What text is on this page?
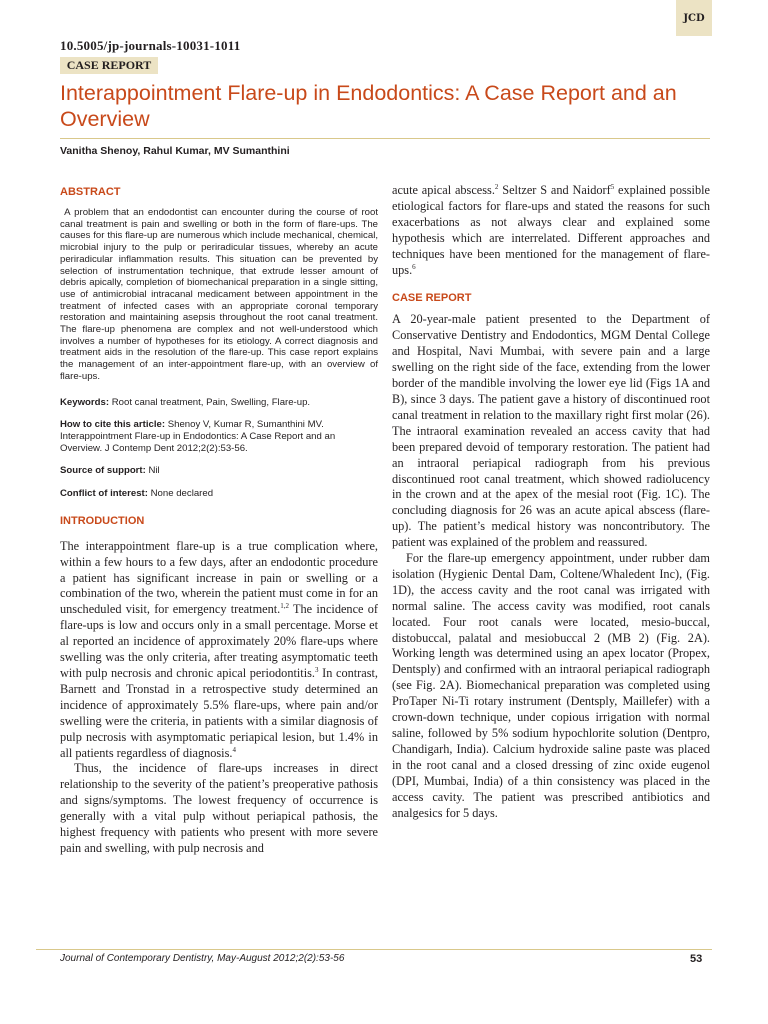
JCD
10.5005/jp-journals-10031-1011
CASE REPORT
Interappointment Flare-up in Endodontics: A Case Report and an Overview
Vanitha Shenoy, Rahul Kumar, MV Sumanthini
ABSTRACT

A problem that an endodontist can encounter during the course of root canal treatment is pain and swelling or both in the form of flare-ups. The causes for this flare-up are numerous which include mechanical, chemical, microbial injury to the pulp or periradicular tissues, whereby an acute periradicular inflammation results. This situation can be prevented by selection of instrumentation technique, that extrude lesser amount of debris apically, completion of biomechanical preparation in a single sitting, use of antimicrobial intracanal medicament between appointment in the treatment of infected cases with an appropriate coronal temporary restoration and maintaining asepsis throughout the root canal treatment. The flare-up phenomena are complex and not well-understood which involves a number of hypotheses for its etiology. A correct diagnosis and treatment aids in the resolution of the flare-up. This case report explains the management of an inter-appointment flare-up, with an overview of flare-ups.

Keywords: Root canal treatment, Pain, Swelling, Flare-up.

How to cite this article: Shenoy V, Kumar R, Sumanthini MV. Interappointment Flare-up in Endodontics: A Case Report and an Overview. J Contemp Dent 2012;2(2):53-56.

Source of support: Nil

Conflict of interest: None declared

INTRODUCTION

The interappointment flare-up is a true complication where, within a few hours to a few days, after an endodontic procedure a patient has significant increase in pain or swelling or a combination of the two, wherein the patient must come in for an unscheduled visit, for emergency treatment.$^{1,2}$ The incidence of flare-ups is low and occurs only in a small percentage. Morse et al reported an incidence of approximately 20% flare-ups where swelling was the only criteria, after treating asymptomatic teeth with pulp necrosis and chronic apical periodontitis.$^3$ In contrast, Barnett and Tronstad in a retrospective study determined an incidence of approximately 5.5% flare-ups, where pain and/or swelling were the criteria, in patients with a similar diagnosis of pulp necrosis with asymptomatic periapical lesion, but 1.4% in all patients regardless of diagnosis.$^4$

Thus, the incidence of flare-ups increases in direct relationship to the severity of the patient’s preoperative pathosis and signs/symptoms. The lowest frequency of occurrence is generally with a vital pulp without periapical pathosis, the highest frequency with patients who present with more severe pain and swelling, with pulp necrosis and

acute apical abscess.$^2$ Seltzer S and Naidorf$^5$ explained possible etiological factors for flare-ups and stated the reasons for such exacerbations as not always clear and explained some hypothesis which are interrelated. Different approaches and techniques have been mentioned for the management of flare-ups.$^6$

CASE REPORT

A 20-year-male patient presented to the Department of Conservative Dentistry and Endodontics, MGM Dental College and Hospital, Navi Mumbai, with severe pain and a large swelling on the right side of the face, extending from the lower border of the mandible involving the lower eye lid (Figs 1A and B), since 3 days. The patient gave a history of discontinued root canal treatment in relation to the maxillary right first molar (26). The intraoral examination revealed an access cavity that had been prepared devoid of temporary restoration. The patient had an intraoral periapical radiograph from his previous discontinued root canal treatment, which showed radiolucency in the crown and at the apex of the mesial root (Fig. 1C). The concluding diagnosis for 26 was an acute apical abscess (flare-up). The patient’s medical history was noncontributory. The patient was explained of the problem and reassured.

For the flare-up emergency appointment, under rubber dam isolation (Hygienic Dental Dam, Coltene/Whaledent Inc), (Fig. 1D), the access cavity and the root canal was irrigated with normal saline. The access cavity was modified, root canals located. Four root canals were located, mesio-buccal, distobuccal, palatal and mesiobuccal 2 (MB 2) (Fig. 2A). Working length was determined using an apex locator (Propex, Dentsply) and confirmed with an intraoral periapical radiograph (see Fig. 2A). Biomechanical preparation was completed using ProTaper Ni-Ti rotary instrument (Dentsply, Maillefer) with a crown-down technique, under copious irrigation with normal saline, followed by 5% sodium hypochlorite solution (Dentpro, Chandigarh, India). Calcium hydroxide saline paste was placed in the root canal and a closed dressing of zinc oxide eugenol (DPI, Mumbai, India) of a thin consistency was placed in the access cavity. The patient was prescribed antibiotics and analgesics for 5 days.

Journal of Contemporary Dentistry, May-August 2012;2(2):53-56	53
